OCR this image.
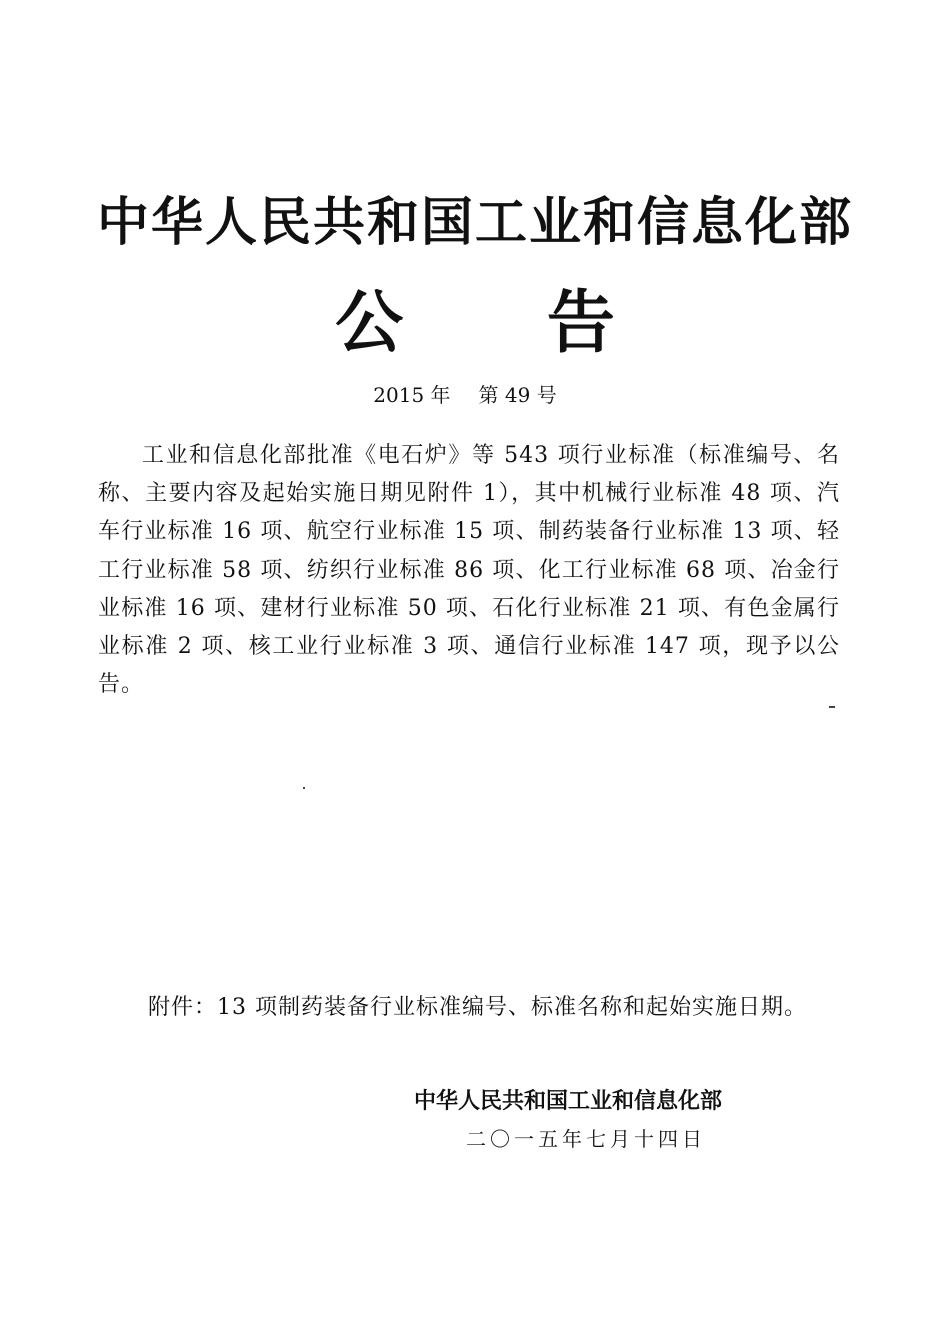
中华人民共和国工业和信息化部
公 告
2015 年 第 49 号
工业和信息化部批准《电石炉》等 543 项行业标准（标准编号、名称、主要内容及起始实施日期见附件 1），其中机械行业标准 48 项、汽车行业标准 16 项、航空行业标准 15 项、制药装备行业标准 13 项、轻工行业标准 58 项、纺织行业标准 86 项、化工行业标准 68 项、冶金行业标准 16 项、建材行业标准 50 项、石化行业标准 21 项、有色金属行业标准 2 项、核工业行业标准 3 项、通信行业标准 147 项，现予以公告。
附件：13 项制药装备行业标准编号、标准名称和起始实施日期。
中华人民共和国工业和信息化部
二〇一五年七月十四日
